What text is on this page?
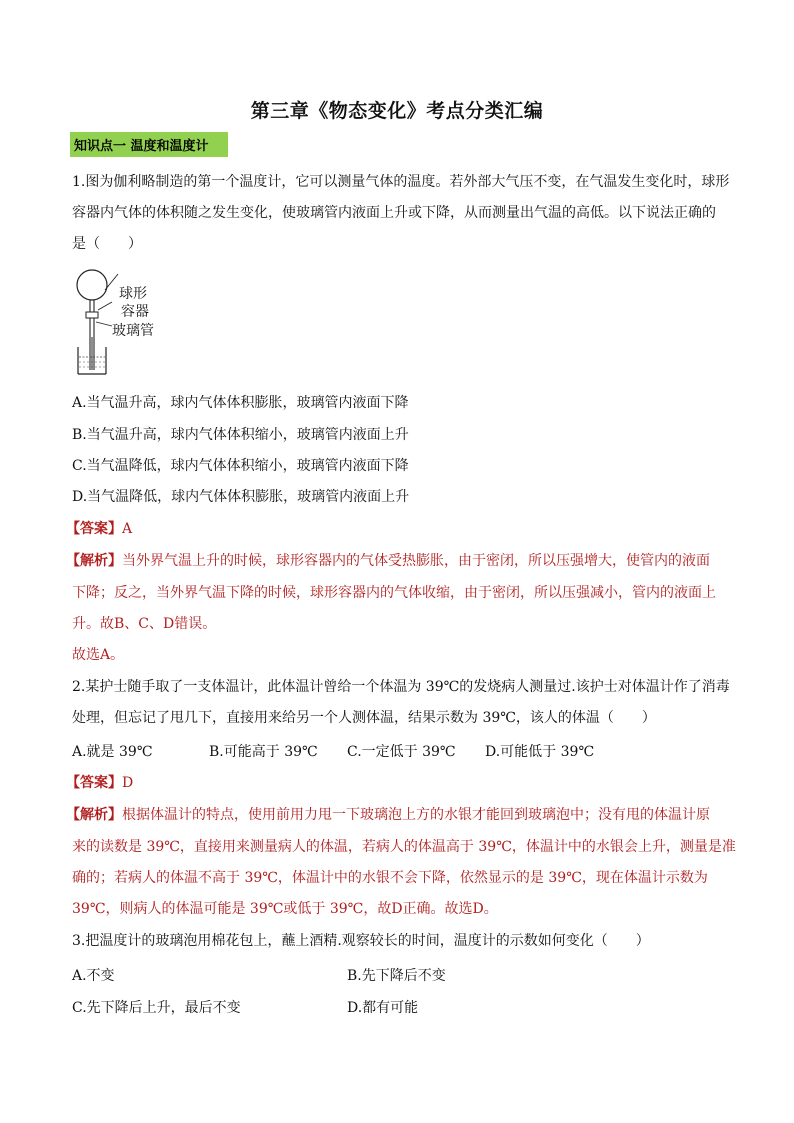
第三章《物态变化》考点分类汇编
知识点一 温度和温度计
1.图为伽利略制造的第一个温度计，它可以测量气体的温度。若外部大气压不变，在气温发生变化时，球形
容器内气体的体积随之发生变化，使玻璃管内液面上升或下降，从而测量出气温的高低。以下说法正确的
是（　　）
球形
容器
玻璃管
A.当气温升高，球内气体体积膨胀，玻璃管内液面下降
B.当气温升高，球内气体体积缩小，玻璃管内液面上升
C.当气温降低，球内气体体积缩小，玻璃管内液面下降
D.当气温降低，球内气体体积膨胀，玻璃管内液面上升
【答案】A
【解析】当外界气温上升的时候，球形容器内的气体受热膨胀，由于密闭，所以压强增大，使管内的液面
下降；反之，当外界气温下降的时候，球形容器内的气体收缩，由于密闭，所以压强减小，管内的液面上
升。故B、C、D错误。
故选A。
2.某护士随手取了一支体温计，此体温计曾给一个体温为 39℃的发烧病人测量过.该护士对体温计作了消毒
处理，但忘记了甩几下，直接用来给另一个人测体温，结果示数为 39℃，该人的体温（　　）
A.就是 39℃	B.可能高于 39℃ C.一定低于 39℃ D.可能低于 39℃
【答案】D
【解析】根据体温计的特点，使用前用力甩一下玻璃泡上方的水银才能回到玻璃泡中；没有甩的体温计原
来的读数是 39℃，直接用来测量病人的体温，若病人的体温高于 39℃，体温计中的水银会上升，测量是准
确的；若病人的体温不高于 39℃，体温计中的水银不会下降，依然显示的是 39℃，现在体温计示数为
39℃，则病人的体温可能是 39℃或低于 39℃，故D正确。故选D。
3.把温度计的玻璃泡用棉花包上，蘸上酒精.观察较长的时间，温度计的示数如何变化（　　）
A.不变	B.先下降后不变
C.先下降后上升，最后不变	D.都有可能
